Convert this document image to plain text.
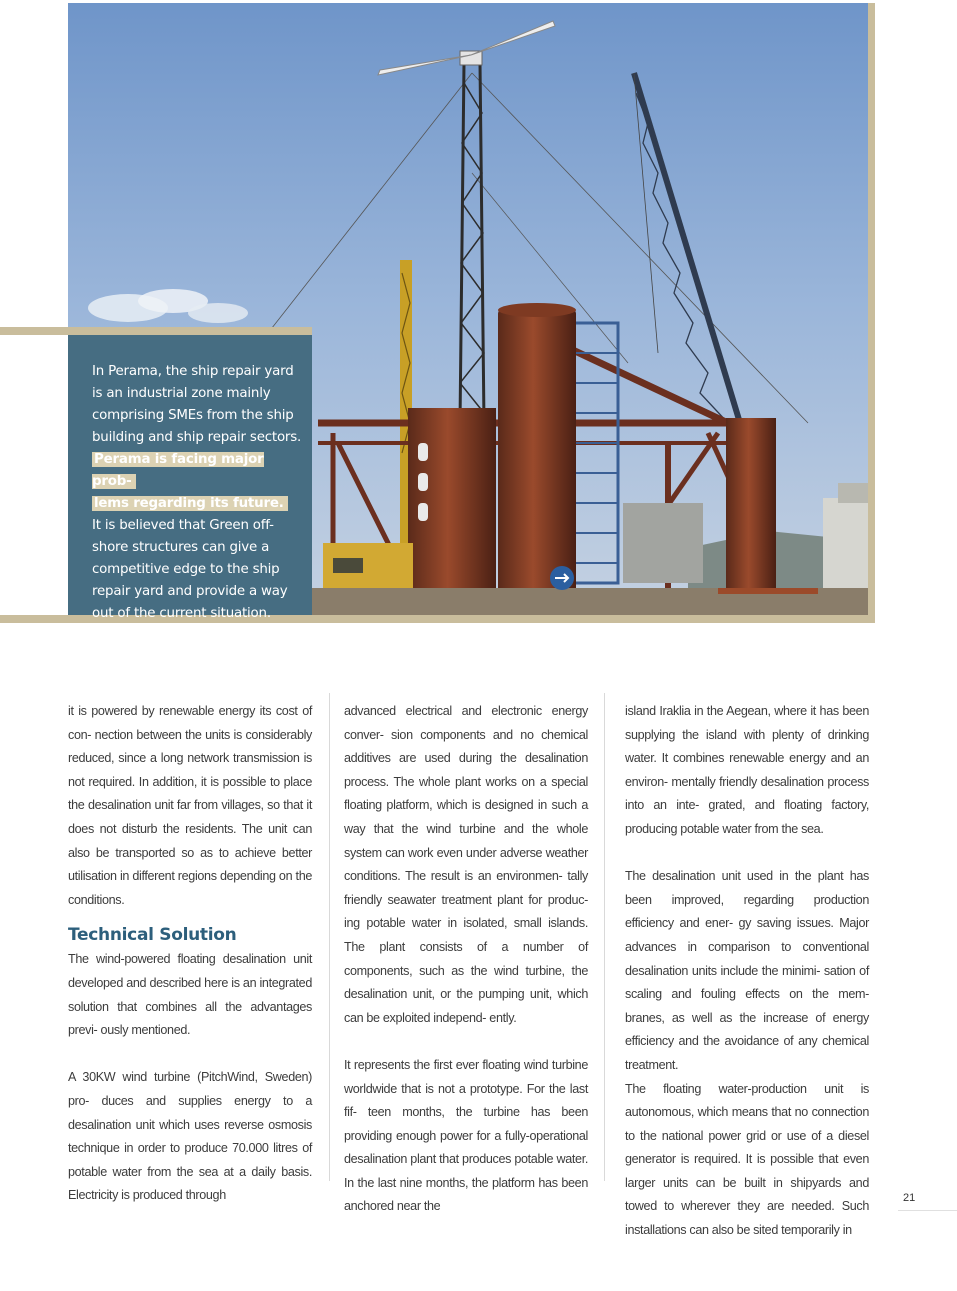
In Perama, the ship repair yard is an industrial zone mainly comprising SMEs from the ship building and ship repair sectors.
Perama is facing major prob-
lems regarding its future.
It is believed that Green off- shore structures can give a competitive edge to the ship repair yard and provide a way out of the current situation.

it is powered by renewable energy its cost of con- nection between the units is considerably reduced, since a long network transmission is not required. In addition, it is possible to place the desalination unit far from villages, so that it does not disturb the residents. The unit can also be transported so as to achieve better utilisation in different regions depending on the conditions.

Technical Solution

The wind-powered floating desalination unit developed and described here is an integrated solution that combines all the advantages previ- ously mentioned.

A 30KW wind turbine (PitchWind, Sweden) pro- duces and supplies energy to a desalination unit which uses reverse osmosis technique in order to produce 70.000 litres of potable water from the sea at a daily basis. Electricity is produced through

advanced electrical and electronic energy conver- sion components and no chemical additives are used during the desalination process. The whole plant works on a special floating platform, which is designed in such a way that the wind turbine and the whole system can work even under adverse weather conditions. The result is an environmen- tally friendly seawater treatment plant for produc- ing potable water in isolated, small islands. The plant consists of a number of components, such as the wind turbine, the desalination unit, or the pumping unit, which can be exploited independ- ently.

It represents the first ever floating wind turbine worldwide that is not a prototype. For the last fif- teen months, the turbine has been providing enough power for a fully-operational desalination plant that produces potable water. In the last nine months, the platform has been anchored near the

island Iraklia in the Aegean, where it has been supplying the island with plenty of drinking water. It combines renewable energy and an environ- mentally friendly desalination process into an inte- grated, and floating factory, producing potable water from the sea.

The desalination unit used in the plant has been improved, regarding production efficiency and ener- gy saving issues. Major advances in comparison to conventional desalination units include the minimi- sation of scaling and fouling effects on the mem- branes, as well as the increase of energy efficiency and the avoidance of any chemical treatment.

The floating water-production unit is autonomous, which means that no connection to the national power grid or use of a diesel generator is required. It is possible that even larger units can be built in shipyards and towed to wherever they are needed. Such installations can also be sited temporarily in

21
